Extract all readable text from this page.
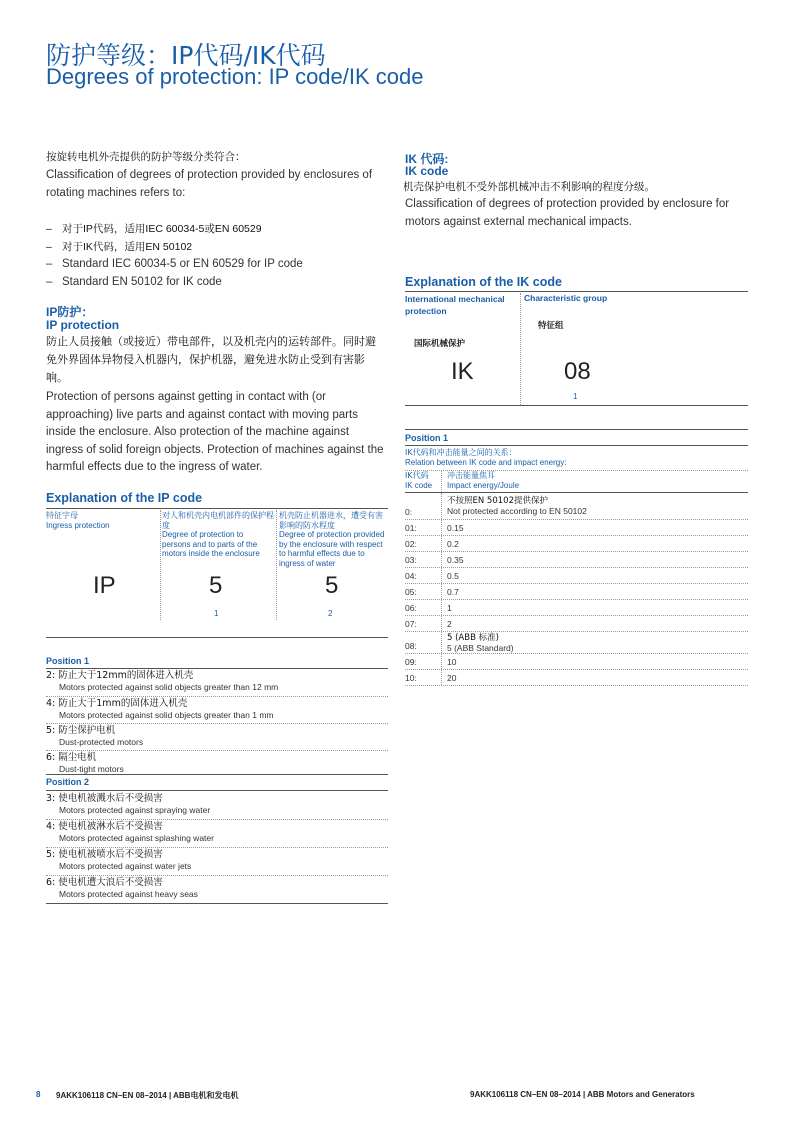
防护等级：IP代码/IK代码
Degrees of protection: IP code/IK code
按旋转电机外壳提供的防护等级分类符合：
Classification of degrees of protection provided by enclosures of rotating machines refers to:
– 对于IP代码，适用IEC 60034-5或EN 60529
– 对于IK代码，适用EN 50102
– Standard IEC 60034-5 or EN 60529 for IP code
– Standard EN 50102 for IK code
IP防护：
IP protection
防止人员接触（或接近）带电部件，以及机壳内的运转部件。同时避免外界固体异物侵入机器内，保护机器，避免进水防止受到有害影响。
Protection of persons against getting in contact with (or approaching) live parts and against contact with moving parts inside the enclosure. Also protection of the machine against ingress of solid foreign objects. Protection of machines against the harmful effects due to the ingress of water.
Explanation of the IP code
特征字母
Ingress protection
对人和机壳内电机部件的保护程度
Degree of protection to persons and to parts of the motors inside the enclosure
机壳防止机器进水，遭受有害影响的防水程度
Degree of protection provided by the enclosure with respect to harmful effects due to ingress of water
IP	5	5
1	2
Position 1
2: 防止大于12mm的固体进入机壳
Motors protected against solid objects greater than 12 mm
4: 防止大于1mm的固体进入机壳
Motors protected against solid objects greater than 1 mm
5: 防尘保护电机
Dust-protected motors
6: 隔尘电机
Dust-tight motors
Position 2
3: 使电机被溅水后不受损害
Motors protected against spraying water
4: 使电机被淋水后不受损害
Motors protected against splashing water
5: 使电机被喷水后不受损害
Motors protected against water jets
6: 使电机遭大浪后不受损害
Motors protected against heavy seas
IK 代码:
IK code
机壳保护电机不受外部机械冲击不利影响的程度分级。
Classification of degrees of protection provided by enclosure for motors against external mechanical impacts.
Explanation of the IK code
International mechanical protection
国际机械保护
Characteristic group
特征组
IK	08
1
Position 1
IK代码和冲击能量之间的关系：
Relation between IK code and impact energy:
IK代码
IK code
冲击能量焦耳
Impact energy/Joule
0:
不按照EN 50102提供保护
Not protected according to EN 50102
01:	0.15
02:	0.2
03:	0.35
04:	0.5
05:	0.7
06:	1
07:	2
08:
5 (ABB 标准)
5 (ABB Standard)
09:	10
10:	20
8 9AKK106118 CN–EN 08–2014 | ABB电机和发电机	9AKK106118 CN–EN 08–2014 | ABB Motors and Generators
